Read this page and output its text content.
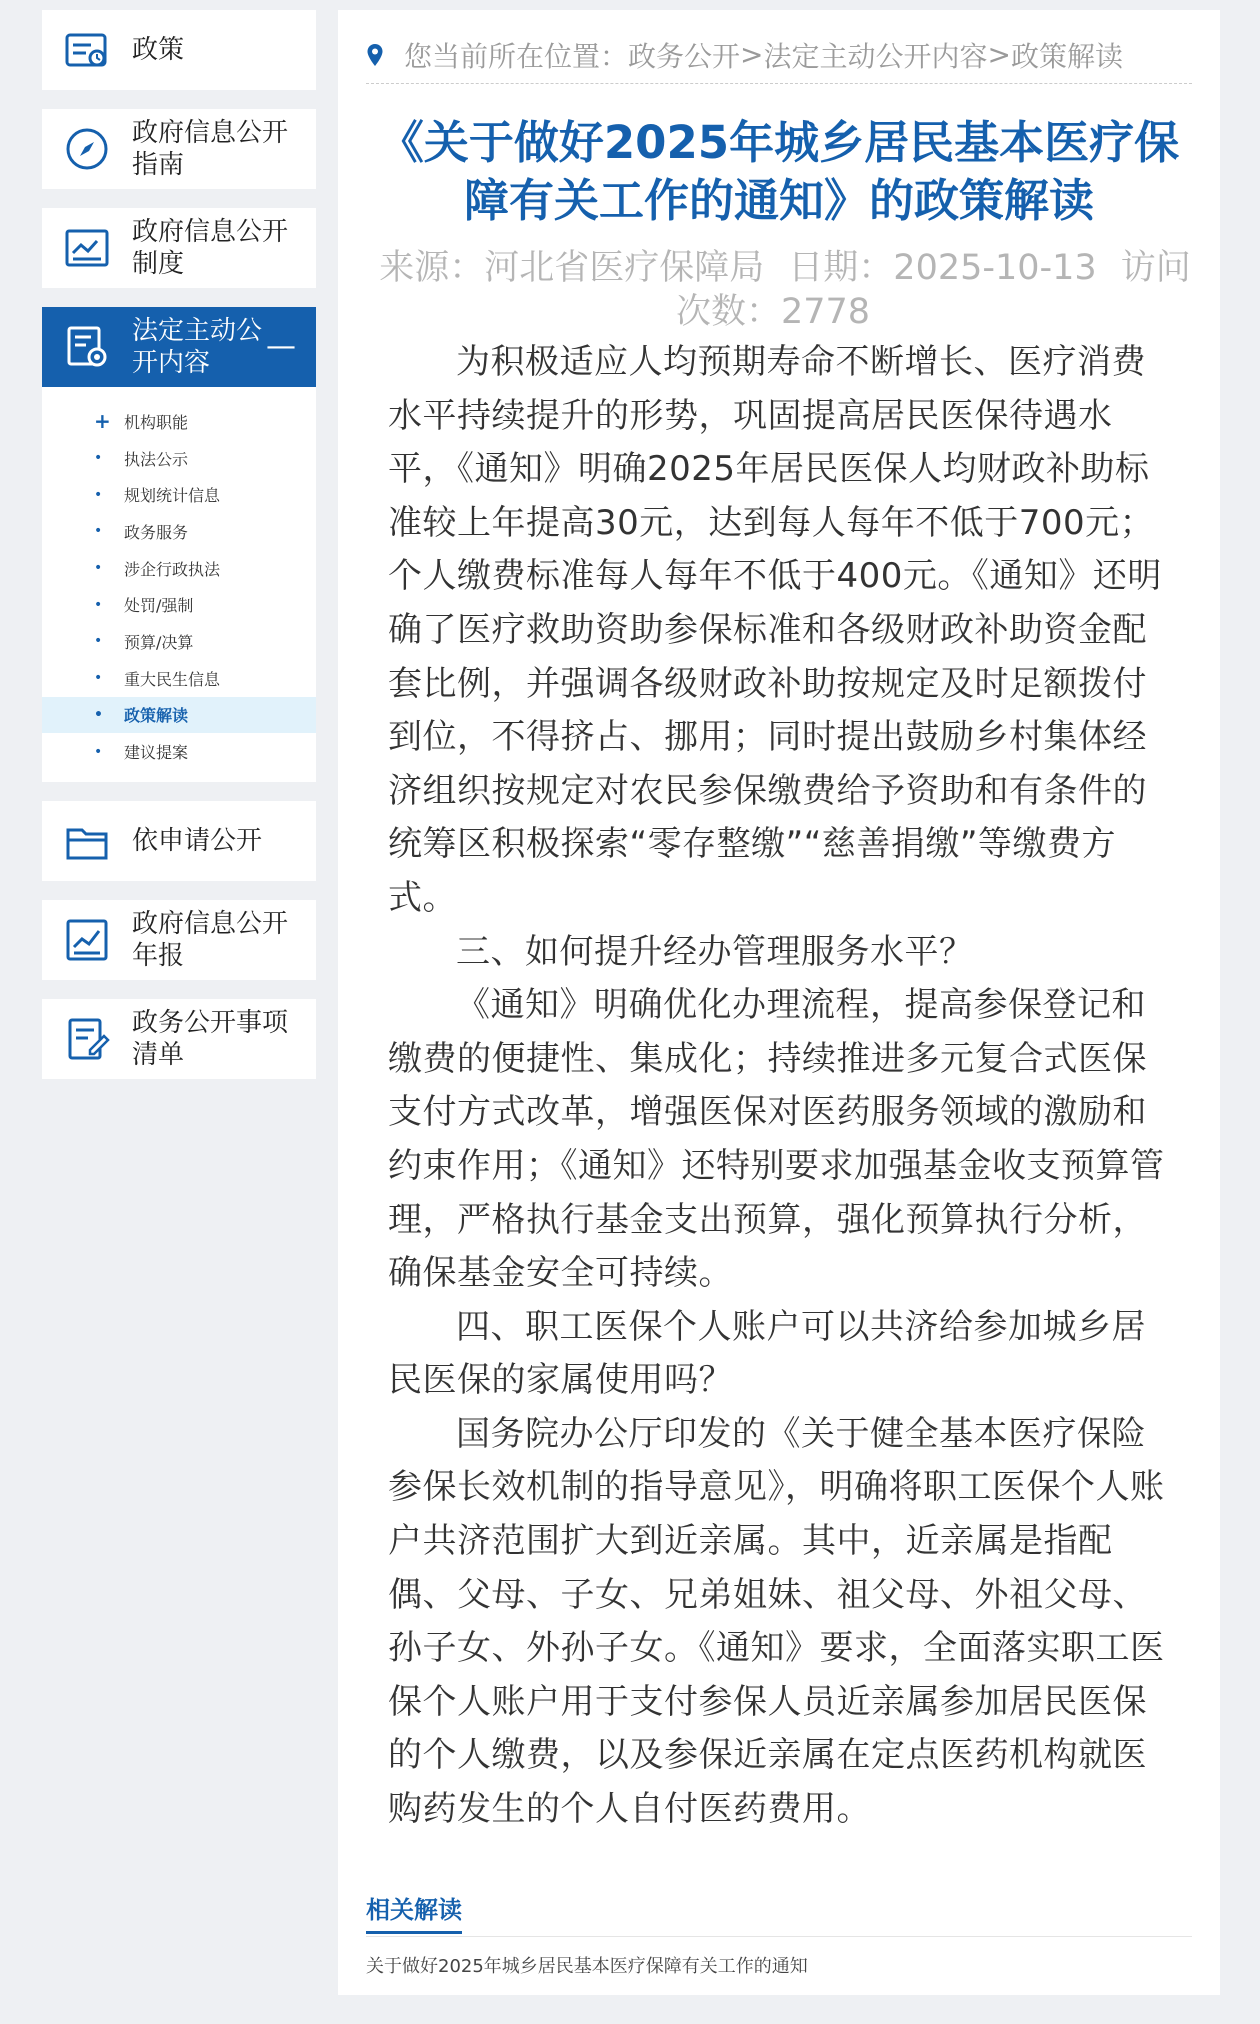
政策
政府信息公开指南
政府信息公开制度
法定主动公开内容	—
+ 机构职能
•	执法公示
•	规划统计信息
•	政务服务
•	涉企行政执法
•	处罚/强制
•	预算/决算
•	重大民生信息
•	政策解读
•	建议提案
依申请公开
政府信息公开年报
政务公开事项清单
您当前所在位置： 政务公开 > 法定主动公开内容 > 政策解读
《关于做好2025年城乡居民基本医疗保障有关工作的通知》的政策解读
来源：河北省医疗保障局 日期：2025-10-13 访问次数：2778

为积极适应人均预期寿命不断增长、医疗消费水平持续提升的形势，巩固提高居民医保待遇水平，《通知》明确2025年居民医保人均财政补助标准较上年提高30元，达到每人每年不低于700元；个人缴费标准每人每年不低于400元。《通知》还明确了医疗救助资助参保标准和各级财政补助资金配套比例，并强调各级财政补助按规定及时足额拨付到位，不得挤占、挪用；同时提出鼓励乡村集体经济组织按规定对农民参保缴费给予资助和有条件的统筹区积极探索“零存整缴”“慈善捐缴”等缴费方式。

三、如何提升经办管理服务水平？

《通知》明确优化办理流程，提高参保登记和缴费的便捷性、集成化；持续推进多元复合式医保支付方式改革，增强医保对医药服务领域的激励和约束作用；《通知》还特别要求加强基金收支预算管理，严格执行基金支出预算，强化预算执行分析，确保基金安全可持续。

四、职工医保个人账户可以共济给参加城乡居民医保的家属使用吗？

国务院办公厅印发的《关于健全基本医疗保险参保长效机制的指导意见》，明确将职工医保个人账户共济范围扩大到近亲属。其中，近亲属是指配偶、父母、子女、兄弟姐妹、祖父母、外祖父母、孙子女、外孙子女。《通知》要求，全面落实职工医保个人账户用于支付参保人员近亲属参加居民医保的个人缴费，以及参保近亲属在定点医药机构就医购药发生的个人自付医药费用。

相关解读
关于做好2025年城乡居民基本医疗保障有关工作的通知
